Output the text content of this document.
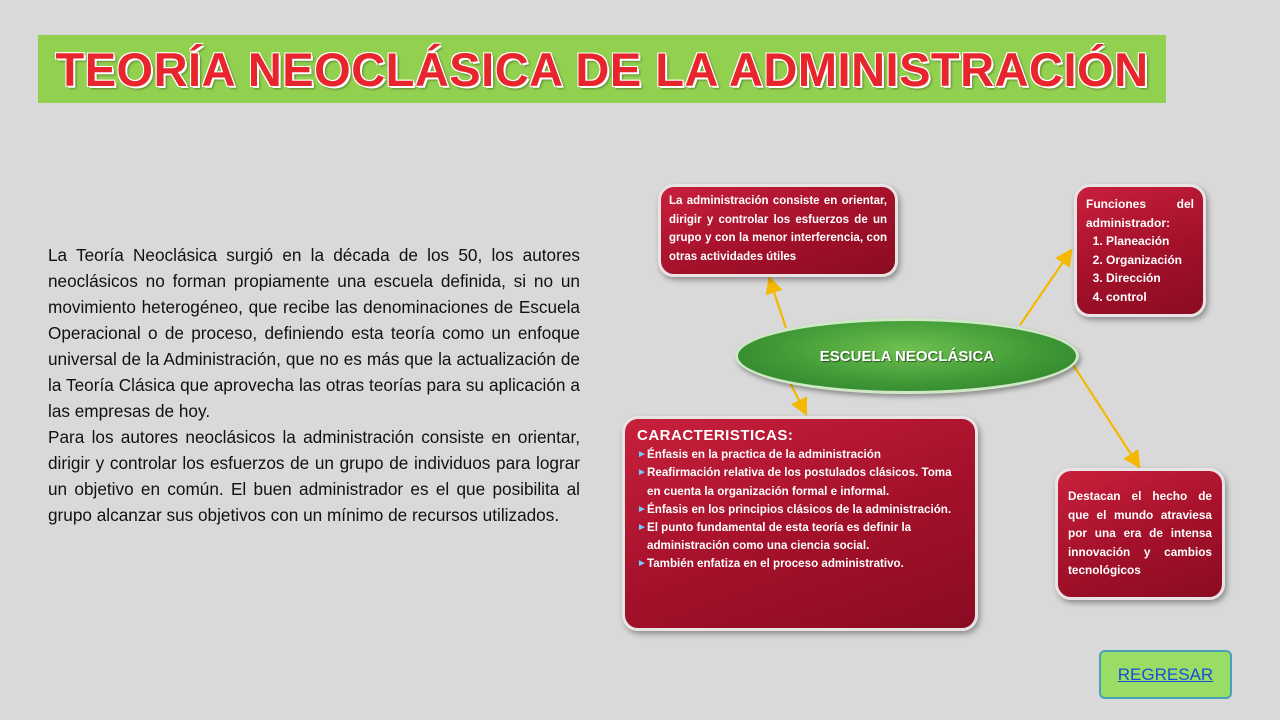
TEORÍA NEOCLÁSICA DE LA ADMINISTRACIÓN

La Teoría Neoclásica surgió en la década de los 50, los autores neoclásicos no forman propiamente una escuela definida, si no un movimiento heterogéneo, que recibe las denominaciones de Escuela Operacional o de proceso, definiendo esta teoría como un enfoque universal de la Administración, que no es más que la actualización de la Teoría Clásica que aprovecha las otras teorías para su aplicación a las empresas de hoy.

Para los autores neoclásicos la administración consiste en orientar, dirigir y controlar los esfuerzos de un grupo de individuos para lograr un objetivo en común. El buen administrador es el que posibilita al grupo alcanzar sus objetivos con un mínimo de recursos utilizados.

La administración consiste en orientar, dirigir y controlar los esfuerzos de un grupo y con la menor interferencia, con otras actividades útiles
Funciones del administrador:
1. Planeación
2. Organización
3. Dirección
4. control
ESCUELA NEOCLÁSICA
CARACTERISTICAS:
► Énfasis en la practica de la administración
► Reafirmación relativa de los postulados clásicos. Toma en cuenta la organización formal e informal.
► Énfasis en los principios clásicos de la administración.
► El punto fundamental de esta teoría es definir la administración como una ciencia social.
► También enfatiza en el proceso administrativo.
Destacan el hecho de que el mundo atraviesa por una era de intensa innovación y cambios tecnológicos
REGRESAR
